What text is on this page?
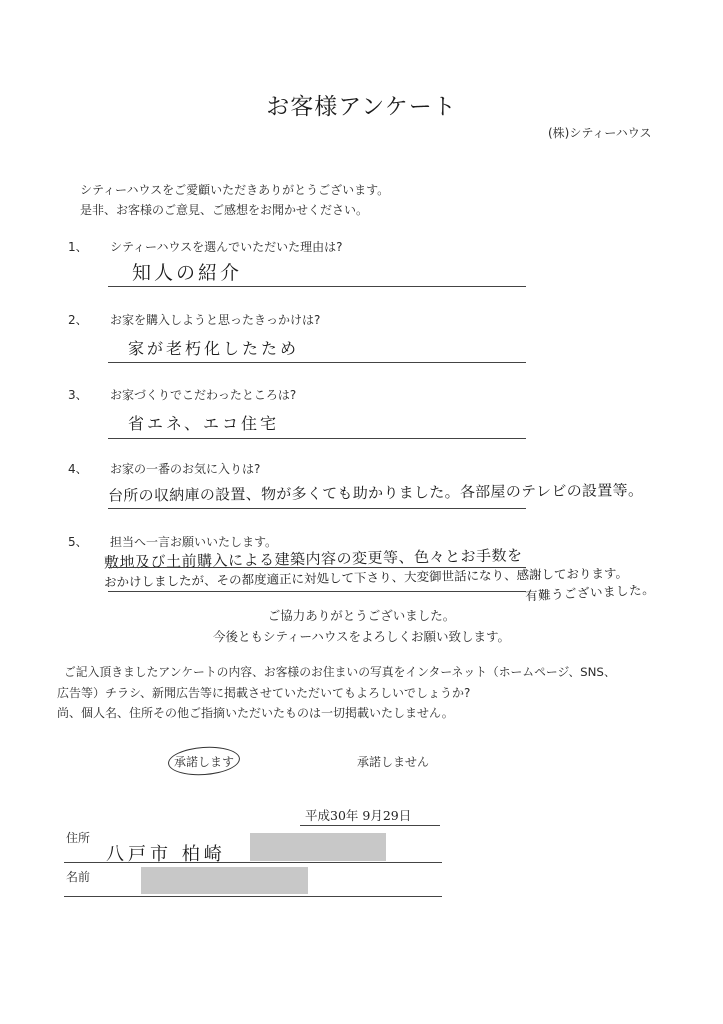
お客様アンケート
(株)シティーハウス
シティーハウスをご愛顧いただきありがとうございます。
是非、お客様のご意見、ご感想をお聞かせください。
1、 シティーハウスを選んでいただいた理由は?
知人の紹介
2、 お家を購入しようと思ったきっかけは?
家が老朽化したため
3、 お家づくりでこだわったところは?
省エネ、エコ住宅
4、 お家の一番のお気に入りは?
台所の収納庫の設置、物が多くても助かりました。各部屋のテレビの設置等。
5、 担当へ一言お願いいたします。
敷地及び土前購入による建築内容の変更等、色々とお手数を
おかけしましたが、その都度適正に対処して下さり、大変御世話になり、感謝しております。
有難うございました。
ご協力ありがとうございました。
今後ともシティーハウスをよろしくお願い致します。
ご記入頂きましたアンケートの内容、お客様のお住まいの写真をインターネット（ホームページ、SNS、
広告等）チラシ、新聞広告等に掲載させていただいてもよろしいでしょうか?
尚、個人名、住所その他ご指摘いただいたものは一切掲載いたしません。
承諾します	承諾しません
平成30年 9月29日
住所
八戸市 柏崎
名前
